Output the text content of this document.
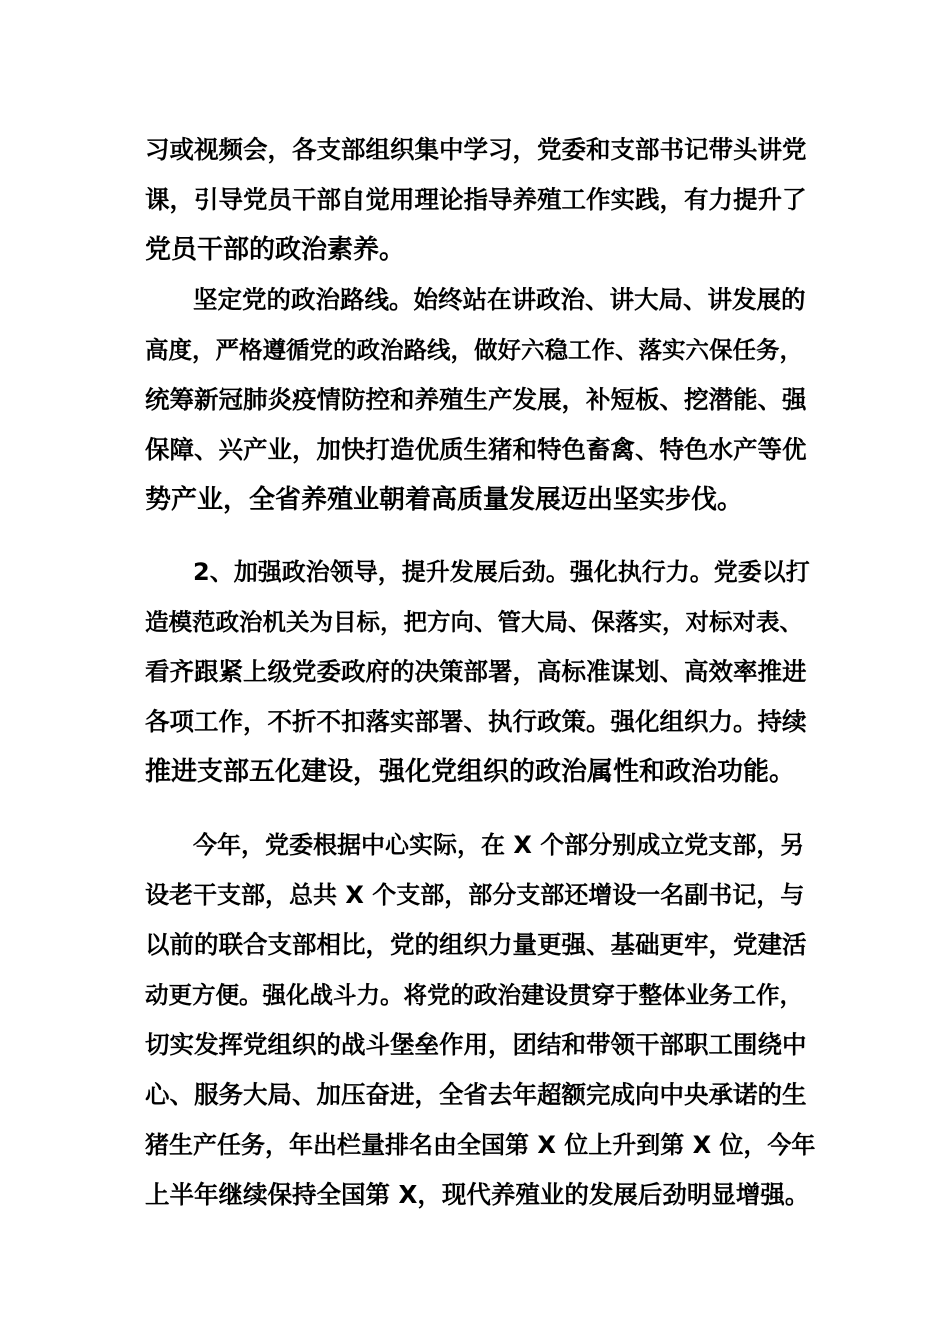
习或视频会，各支部组织集中学习，党委和支部书记带头讲党
课，引导党员干部自觉用理论指导养殖工作实践，有力提升了
党员干部的政治素养。
坚定党的政治路线。始终站在讲政治、讲大局、讲发展的
高度，严格遵循党的政治路线，做好六稳工作、落实六保任务，
统筹新冠肺炎疫情防控和养殖生产发展，补短板、挖潜能、强
保障、兴产业，加快打造优质生猪和特色畜禽、特色水产等优
势产业，全省养殖业朝着高质量发展迈出坚实步伐。
2、加强政治领导，提升发展后劲。强化执行力。党委以打
造模范政治机关为目标，把方向、管大局、保落实，对标对表、
看齐跟紧上级党委政府的决策部署，高标准谋划、高效率推进
各项工作，不折不扣落实部署、执行政策。强化组织力。持续
推进支部五化建设，强化党组织的政治属性和政治功能。
今年，党委根据中心实际，在 X 个部分别成立党支部，另
设老干支部，总共 X 个支部，部分支部还增设一名副书记，与
以前的联合支部相比，党的组织力量更强、基础更牢，党建活
动更方便。强化战斗力。将党的政治建设贯穿于整体业务工作，
切实发挥党组织的战斗堡垒作用，团结和带领干部职工围绕中
心、服务大局、加压奋进，全省去年超额完成向中央承诺的生
猪生产任务，年出栏量排名由全国第 X 位上升到第 X 位，今年
上半年继续保持全国第 X，现代养殖业的发展后劲明显增强。
